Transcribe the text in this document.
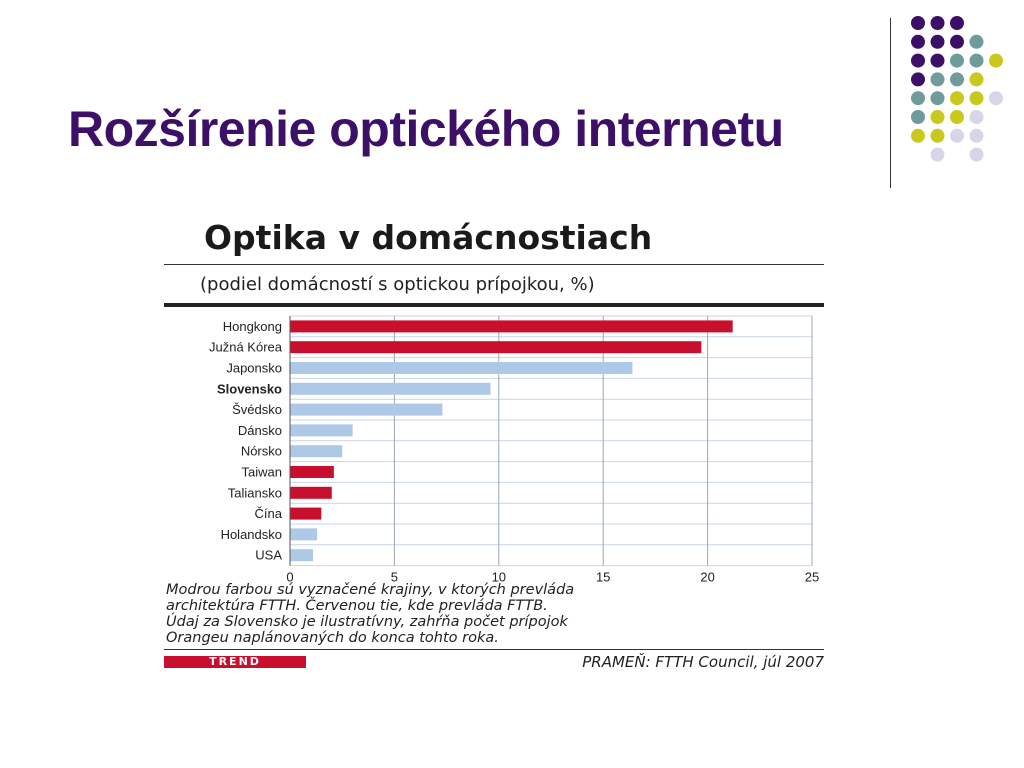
Rozšírenie optického internetu
Optika v domácnostiach
(podiel domácností s optickou prípojkou, %)
0	5	10	15	20	25
Hongkong
Južná Kórea
Japonsko
Slovensko
Švédsko
Dánsko
Nórsko
Taiwan
Taliansko
Čína
Holandsko
USA
Modrou farbou sú vyznačené krajiny, v ktorých prevláda
architektúra FTTH. Červenou tie, kde prevláda FTTB.
Údaj za Slovensko je ilustratívny, zahŕňa počet prípojok
Orangeu naplánovaných do konca tohto roka.
TREND	PRAMEŇ: FTTH Council, júl 2007
